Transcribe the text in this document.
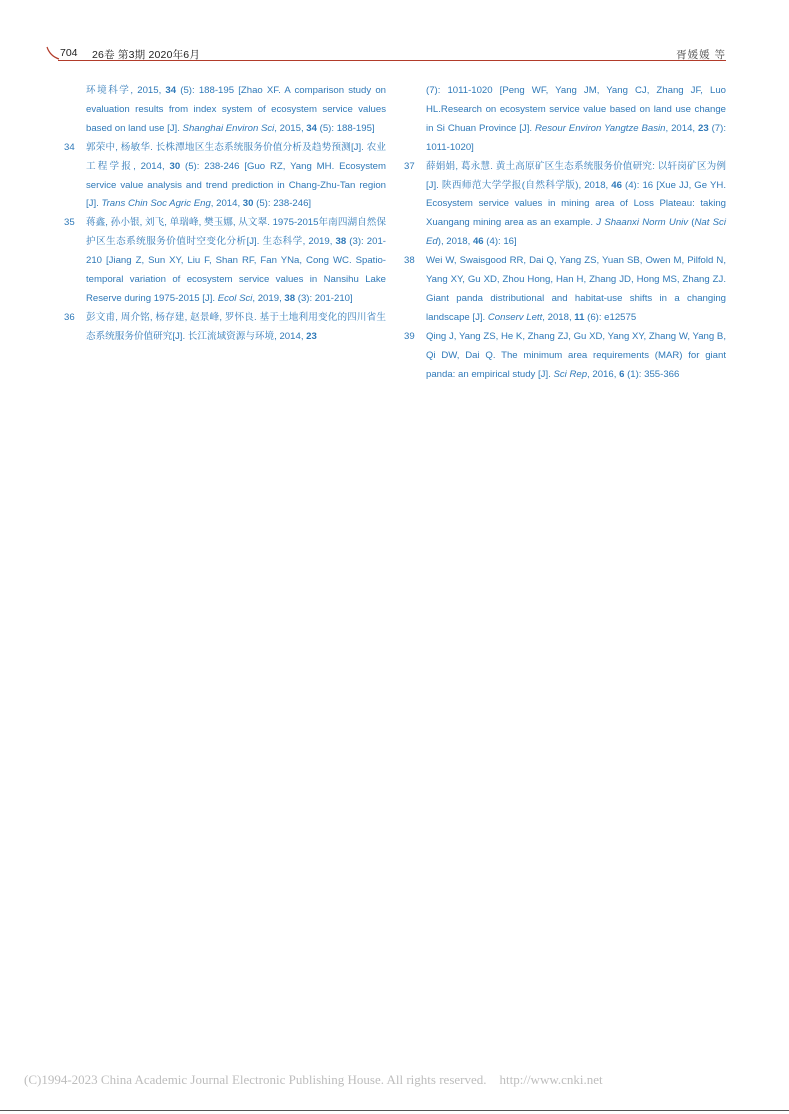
704 26卷 第3期 2020年6月	胥媛媛 等

环境科学, 2015, 34 (5): 188-195 [Zhao XF. A comparison study on evaluation results from index system of ecosystem service values based on land use [J]. Shanghai Environ Sci, 2015, 34 (5): 188-195]

34 郭荣中, 杨敏华. 长株潭地区生态系统服务价值分析及趋势预测[J]. 农业工程学报, 2014, 30 (5): 238-246 [Guo RZ, Yang MH. Ecosystem service value analysis and trend prediction in Chang-Zhu-Tan region [J]. Trans Chin Soc Agric Eng, 2014, 30 (5): 238-246]

35 蒋鑫, 孙小银, 刘飞, 单瑞峰, 樊玉娜, 从文翠. 1975-2015年南四湖自然保护区生态系统服务价值时空变化分析[J]. 生态科学, 2019, 38 (3): 201-210 [Jiang Z, Sun XY, Liu F, Shan RF, Fan YNa, Cong WC. Spatio-temporal variation of ecosystem service values in Nansihu Lake Reserve during 1975-2015 [J]. Ecol Sci, 2019, 38 (3): 201-210]

36 彭文甫, 周介铭, 杨存建, 赵景峰, 罗怀良. 基于土地利用变化的四川省生态系统服务价值研究[J]. 长江流域资源与环境, 2014, 23

(7): 1011-1020 [Peng WF, Yang JM, Yang CJ, Zhang JF, Luo HL.Research on ecosystem service value based on land use change in Si Chuan Province [J]. Resour Environ Yangtze Basin, 2014, 23 (7): 1011-1020]

37 薛娟娟, 葛永慧. 黄土高原矿区生态系统服务价值研究: 以轩岗矿区为例[J]. 陕西师范大学学报(自然科学版), 2018, 46 (4): 16 [Xue JJ, Ge YH. Ecosystem service values in mining area of Loss Plateau: taking Xuangang mining area as an example. J Shaanxi Norm Univ (Nat Sci Ed), 2018, 46 (4): 16]

38 Wei W, Swaisgood RR, Dai Q, Yang ZS, Yuan SB, Owen M, Pilfold N, Yang XY, Gu XD, Zhou Hong, Han H, Zhang JD, Hong MS, Zhang ZJ. Giant panda distributional and habitat-use shifts in a changing landscape [J]. Conserv Lett, 2018, 11 (6): e12575

39 Qing J, Yang ZS, He K, Zhang ZJ, Gu XD, Yang XY, Zhang W, Yang B, Qi DW, Dai Q. The minimum area requirements (MAR) for giant panda: an empirical study [J]. Sci Rep, 2016, 6 (1): 355-366

(C)1994-2023 China Academic Journal Electronic Publishing House. All rights reserved. http://www.cnki.net
